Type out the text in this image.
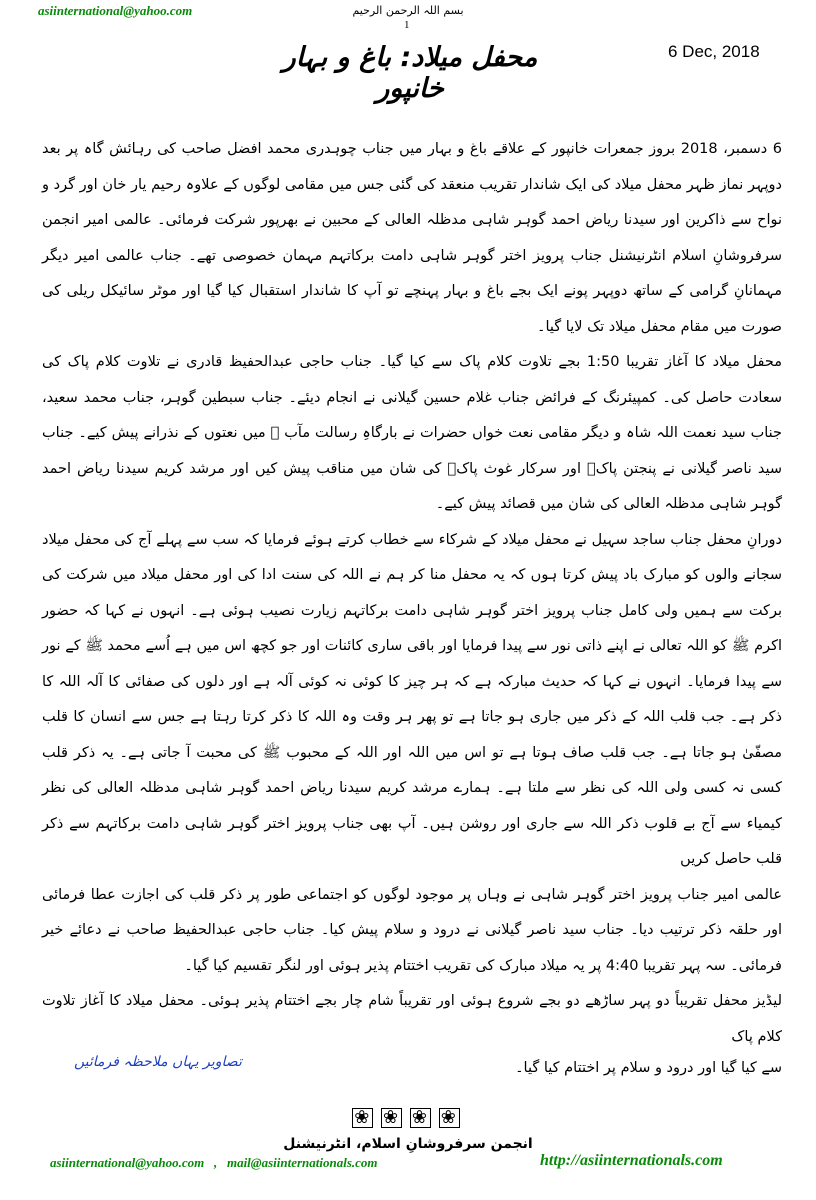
asiinternational@yahoo.com	بسم اللہ الرحمن الرحیم
1
6 Dec, 2018
محفل میلاد: باغ و بہار خانپور

6 دسمبر، 2018 بروز جمعرات خانپور کے علاقے باغ و بہار میں جناب چوہدری محمد افضل صاحب کی رہائش گاہ پر بعد دوپہر نماز ظہر محفل میلاد کی ایک شاندار تقریب منعقد کی گئی جس میں مقامی لوگوں کے علاوہ رحیم یار خان اور گرد و نواح سے ذاکرین اور سیدنا ریاض احمد گوہر شاہی مدظلہ العالی کے محبین نے بھرپور شرکت فرمائی۔ عالمی امیر انجمن سرفروشانِ اسلام انٹرنیشنل جناب پرویز اختر گوہر شاہی دامت برکاتہم مہمان خصوصی تھے۔ جناب عالمی امیر دیگر مہمانانِ گرامی کے ساتھ دوپہر پونے ایک بجے باغ و بہار پہنچے تو آپ کا شاندار استقبال کیا گیا اور موٹر سائیکل ریلی کی صورت میں مقام محفل میلاد تک لایا گیا۔

محفل میلاد کا آغاز تقریبا 1:50 بجے تلاوت کلام پاک سے کیا گیا۔ جناب حاجی عبدالحفیظ قادری نے تلاوت کلام پاک کی سعادت حاصل کی۔ کمپیئرنگ کے فرائض جناب غلام حسین گیلانی نے انجام دیئے۔ جناب سبطین گوہر، جناب محمد سعید، جناب سید نعمت اللہ شاہ و دیگر مقامی نعت خواں حضرات نے بارگاہِ رسالت مآب ﷺ میں نعتوں کے نذرانے پیش کیے۔ جناب سید ناصر گیلانی نے پنجتن پاکؑ اور سرکار غوث پاکؓ کی شان میں مناقب پیش کیں اور مرشد کریم سیدنا ریاض احمد گوہر شاہی مدظلہ العالی کی شان میں قصائد پیش کیے۔

دورانِ محفل جناب ساجد سہیل نے محفل میلاد کے شرکاء سے خطاب کرتے ہوئے فرمایا کہ سب سے پہلے آج کی محفل میلاد سجانے والوں کو مبارک باد پیش کرتا ہوں کہ یہ محفل منا کر ہم نے اللہ کی سنت ادا کی اور محفل میلاد میں شرکت کی برکت سے ہمیں ولی کامل جناب پرویز اختر گوہر شاہی دامت برکاتہم زیارت نصیب ہوئی ہے۔ انہوں نے کہا کہ حضور اکرم ﷺ کو اللہ تعالی نے اپنے ذاتی نور سے پیدا فرمایا اور باقی ساری کائنات اور جو کچھ اس میں ہے اُسے محمد ﷺ کے نور سے پیدا فرمایا۔ انہوں نے کہا کہ حدیث مبارکہ ہے کہ ہر چیز کا کوئی نہ کوئی آلہ ہے اور دلوں کی صفائی کا آلہ اللہ کا ذکر ہے۔ جب قلب اللہ کے ذکر میں جاری ہو جاتا ہے تو پھر ہر وقت وہ اللہ کا ذکر کرتا رہتا ہے جس سے انسان کا قلب مصفّیٰ ہو جاتا ہے۔ جب قلب صاف ہوتا ہے تو اس میں اللہ اور اللہ کے محبوب ﷺ کی محبت آ جاتی ہے۔ یہ ذکر قلب کسی نہ کسی ولی اللہ کی نظر سے ملتا ہے۔ ہمارے مرشد کریم سیدنا ریاض احمد گوہر شاہی مدظلہ العالی کی نظر کیمیاء سے آج بے قلوب ذکر اللہ سے جاری اور روشن ہیں۔ آپ بھی جناب پرویز اختر گوہر شاہی دامت برکاتہم سے ذکر قلب حاصل کریں

عالمی امیر جناب پرویز اختر گوہر شاہی نے وہاں پر موجود لوگوں کو اجتماعی طور پر ذکر قلب کی اجازت عطا فرمائی اور حلقہ ذکر ترتیب دیا۔ جناب سید ناصر گیلانی نے درود و سلام پیش کیا۔ جناب حاجی عبدالحفیظ صاحب نے دعائے خیر فرمائی۔ سہ پہر تقریبا 4:40 پر یہ میلاد مبارک کی تقریب اختتام پذیر ہوئی اور لنگر تقسیم کیا گیا۔

لیڈیز محفل تقریباً دو پہر ساڑھے دو بجے شروع ہوئی اور تقریباً شام چار بجے اختتام پذیر ہوئی۔ محفل میلاد کا آغاز تلاوت کلام پاک

سے کیا گیا اور درود و سلام پر اختتام کیا گیا۔
تصاویر یہاں ملاحظہ فرمائیں
❀ ❀ ❀ ❀
انجمن سرفروشانِ اسلام، انٹرنیشنل
asiinternational@yahoo.com , mail@asiinternationals.com	http://asiinternationals.com
